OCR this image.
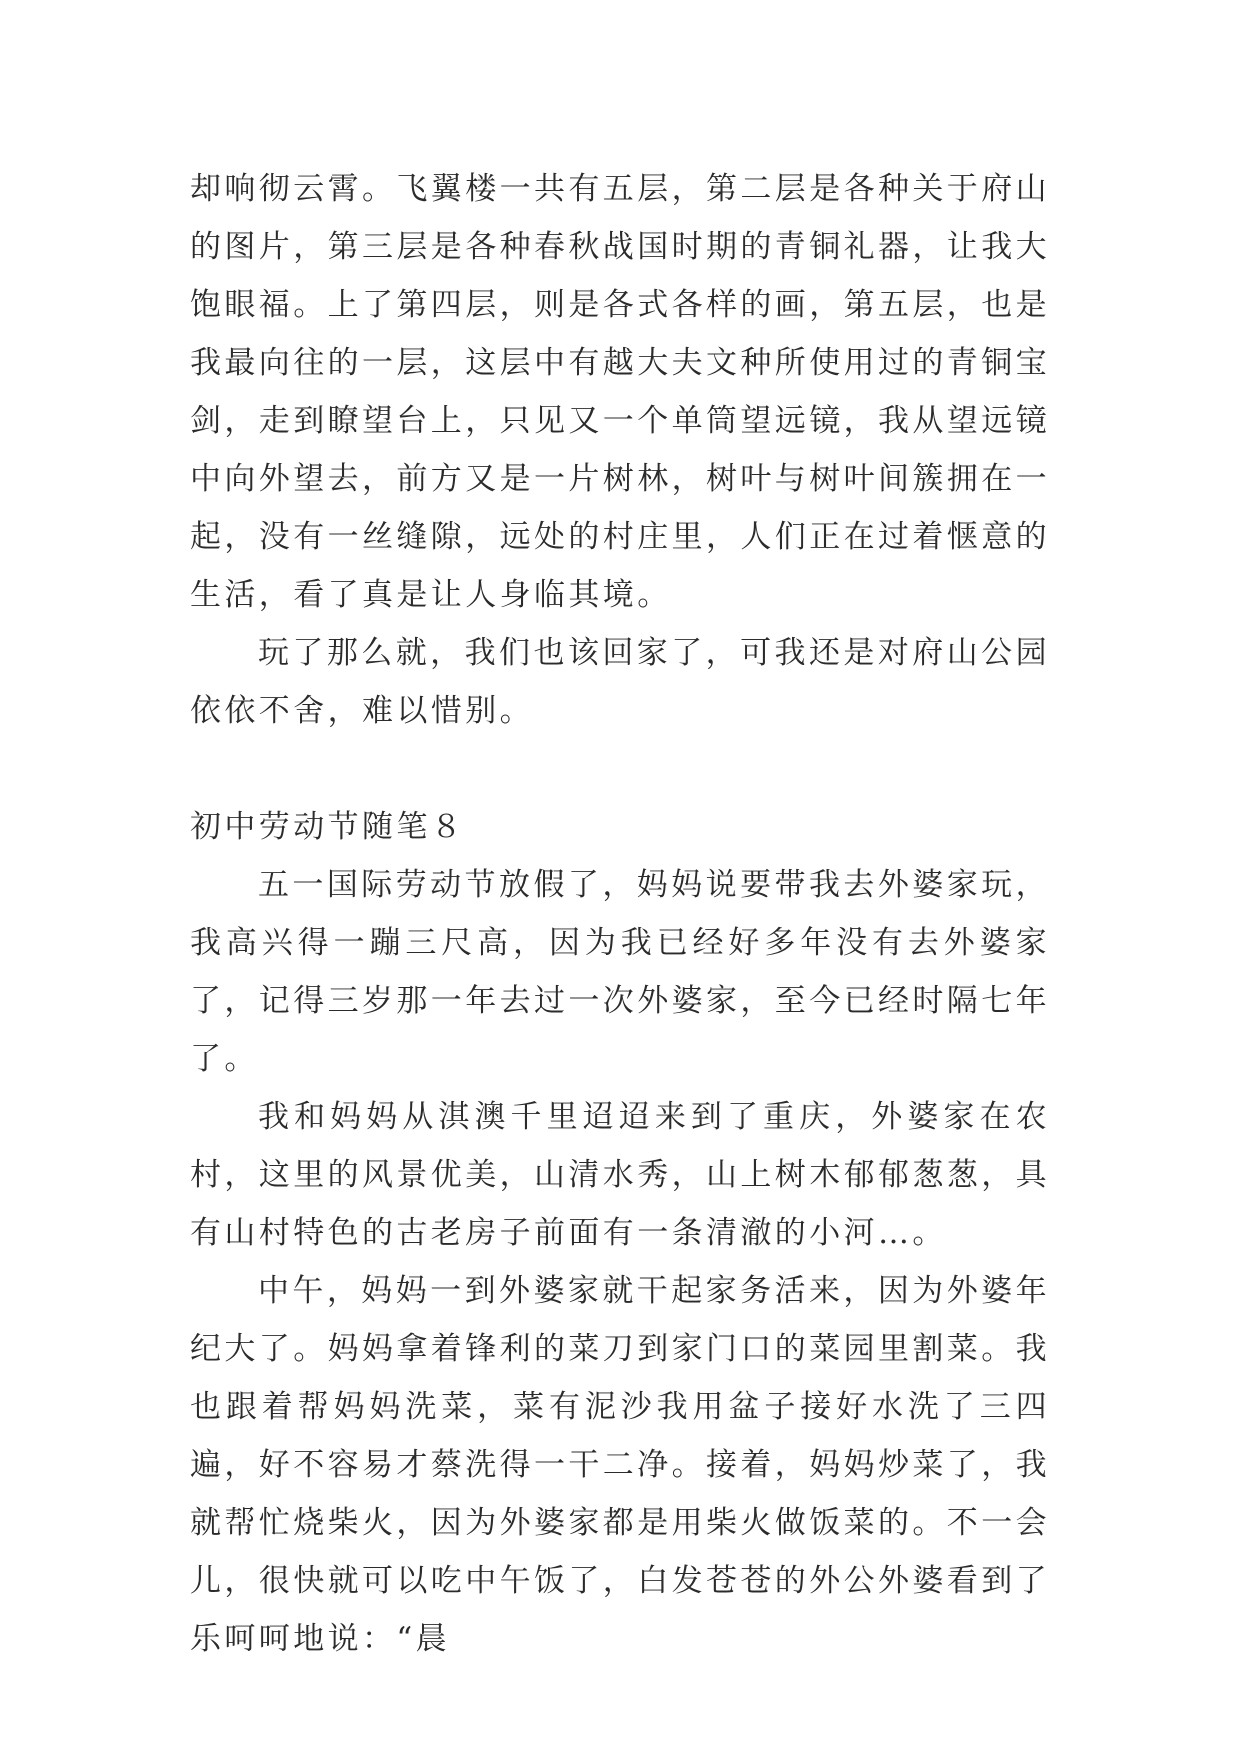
却响彻云霄。飞翼楼一共有五层，第二层是各种关于府山的图片，第三层是各种春秋战国时期的青铜礼器，让我大饱眼福。上了第四层，则是各式各样的画，第五层，也是我最向往的一层，这层中有越大夫文种所使用过的青铜宝剑，走到瞭望台上，只见又一个单筒望远镜，我从望远镜中向外望去，前方又是一片树林，树叶与树叶间簇拥在一起，没有一丝缝隙，远处的村庄里，人们正在过着惬意的生活，看了真是让人身临其境。

玩了那么就，我们也该回家了，可我还是对府山公园依依不舍，难以惜别。

初中劳动节随笔８

五一国际劳动节放假了，妈妈说要带我去外婆家玩，我高兴得一蹦三尺高，因为我已经好多年没有去外婆家了，记得三岁那一年去过一次外婆家，至今已经时隔七年了。

我和妈妈从淇澳千里迢迢来到了重庆，外婆家在农村，这里的风景优美，山清水秀，山上树木郁郁葱葱，具有山村特色的古老房子前面有一条清澈的小河…。

中午，妈妈一到外婆家就干起家务活来，因为外婆年纪大了。妈妈拿着锋利的菜刀到家门口的菜园里割菜。我也跟着帮妈妈洗菜，菜有泥沙我用盆子接好水洗了三四遍，好不容易才蔡洗得一干二净。接着，妈妈炒菜了，我就帮忙烧柴火，因为外婆家都是用柴火做饭菜的。不一会儿，很快就可以吃中午饭了，白发苍苍的外公外婆看到了乐呵呵地说：“晨
